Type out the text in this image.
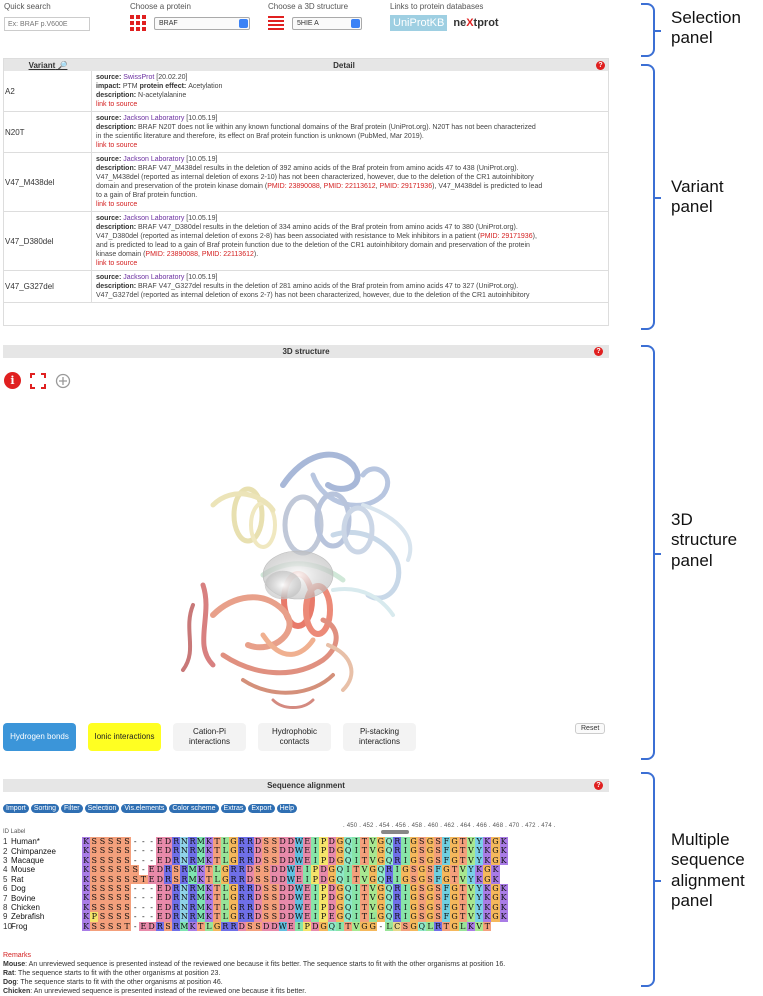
Quick search
Ex: BRAF p.V600E	Choose a protein
BRAF
Choose a 3D structure
5HIE A
Links to protein databases
UniProtKB neXtprot	Selection panel
Variant panel
3D structure panel
Multiple sequence alignment panel
Variant 🔎	Detail	?
A2
source: SwissProt [20.02.20]
impact: PTM protein effect: Acetylation
description: N-acetylalanine
link to source
N20T
source: Jackson Laboratory [10.05.19]
description: BRAF N20T does not lie within any known functional domains of the Braf protein (UniProt.org). N20T has not been characterized
in the scientific literature and therefore, its effect on Braf protein function is unknown (PubMed, Mar 2019).
link to source
V47_M438del
source: Jackson Laboratory [10.05.19]
description: BRAF V47_M438del results in the deletion of 392 amino acids of the Braf protein from amino acids 47 to 438 (UniProt.org).
V47_M438del (reported as internal deletion of exons 2-10) has not been characterized, however, due to the deletion of the CR1 autoinhibitory
domain and preservation of the protein kinase domain (PMID: 23890088, PMID: 22113612, PMID: 29171936), V47_M438del is predicted to lead
to a gain of Braf protein function.
link to source
V47_D380del
source: Jackson Laboratory [10.05.19]
description: BRAF V47_D380del results in the deletion of 334 amino acids of the Braf protein from amino acids 47 to 380 (UniProt.org).
V47_D380del (reported as internal deletion of exons 2-8) has been associated with resistance to Mek inhibitors in a patient (PMID: 29171936),
and is predicted to lead to a gain of Braf protein function due to the deletion of the CR1 autoinhibitory domain and preservation of the protein
kinase domain (PMID: 23890088, PMID: 22113612).
link to source
V47_G327del
source: Jackson Laboratory [10.05.19]
description: BRAF V47_G327del results in the deletion of 281 amino acids of the Braf protein from amino acids 47 to 327 (UniProt.org).
V47_G327del (reported as internal deletion of exons 2-7) has not been characterized, however, due to the deletion of the CR1 autoinhibitory
3D structure	?
i
Hydrogen bonds	Ionic interactions
Cation-Pi interactions
Hydrophobic contacts
Pi-stacking interactions
Reset
Sequence alignment	?
Import	Sorting	Filter	Selection	Vis.elements	Color scheme	Extras	Export	Help
. 450 . 452 . 454 . 456 . 458 . 460 . 462 . 464 . 466 . 468 . 470 . 472 . 474 .
ID Label
1 Human*	K S S S S S - - - E D R N R M K T L G R R D S S D D W E I P D G Q I T V G Q R I G S G S F G T V Y K G K
2 Chimpanzee	K S S S S S - - - E D R N R M K T L G R R D S S D D W E I P D G Q I T V G Q R I G S G S F G T V Y K G K
3 Macaque	K S S S S S - - - E D R N R M K T L G R R D S S D D W E I P D G Q I T V G Q R I G S G S F G T V Y K G K
4 Mouse	K S S S S S S - E D R S R M K T L G R R D S S D D W E I P D G Q I T V G Q R I G S G S F G T V Y K G K
5 Rat	K S S S S S S T E D R S R M K T L G R R D S S D D W E I P D G Q I T V G Q R I G S G S F G T V Y K G K
6 Dog	K S S S S S - - - E D R N R M K T L G R R D S S D D W E I P D G Q I T V G Q R I G S G S F G T V Y K G K
7 Bovine	K S S S S S - - - E D R N R M K T L G R R D S S D D W E I P D G Q I T V G Q R I G S G S F G T V Y K G K
8 Chicken	K S S S S S - - - E D R N R M K T L G R R D S S D D W E I P D G Q I T V G Q R I G S G S F G T V Y K G K
9 Zebrafish	K P S S S S - - - E D R N R M K T L G R R D S S D D W E I P E G Q I T L G Q R I G S G S F G T V Y K G K
10 Frog	K S S S S T - E D R S R M K T L G R R D S S D D W E I P D G Q I T V G G - L C S G Q L R T G L K V T
Remarks
Mouse: An unreviewed sequence is presented instead of the reviewed one because it fits better. The sequence starts to fit with the other organisms at position 16.
Rat: The sequence starts to fit with the other organisms at position 23.
Dog: The sequence starts to fit with the other organisms at position 46.
Chicken: An unreviewed sequence is presented instead of the reviewed one because it fits better.
